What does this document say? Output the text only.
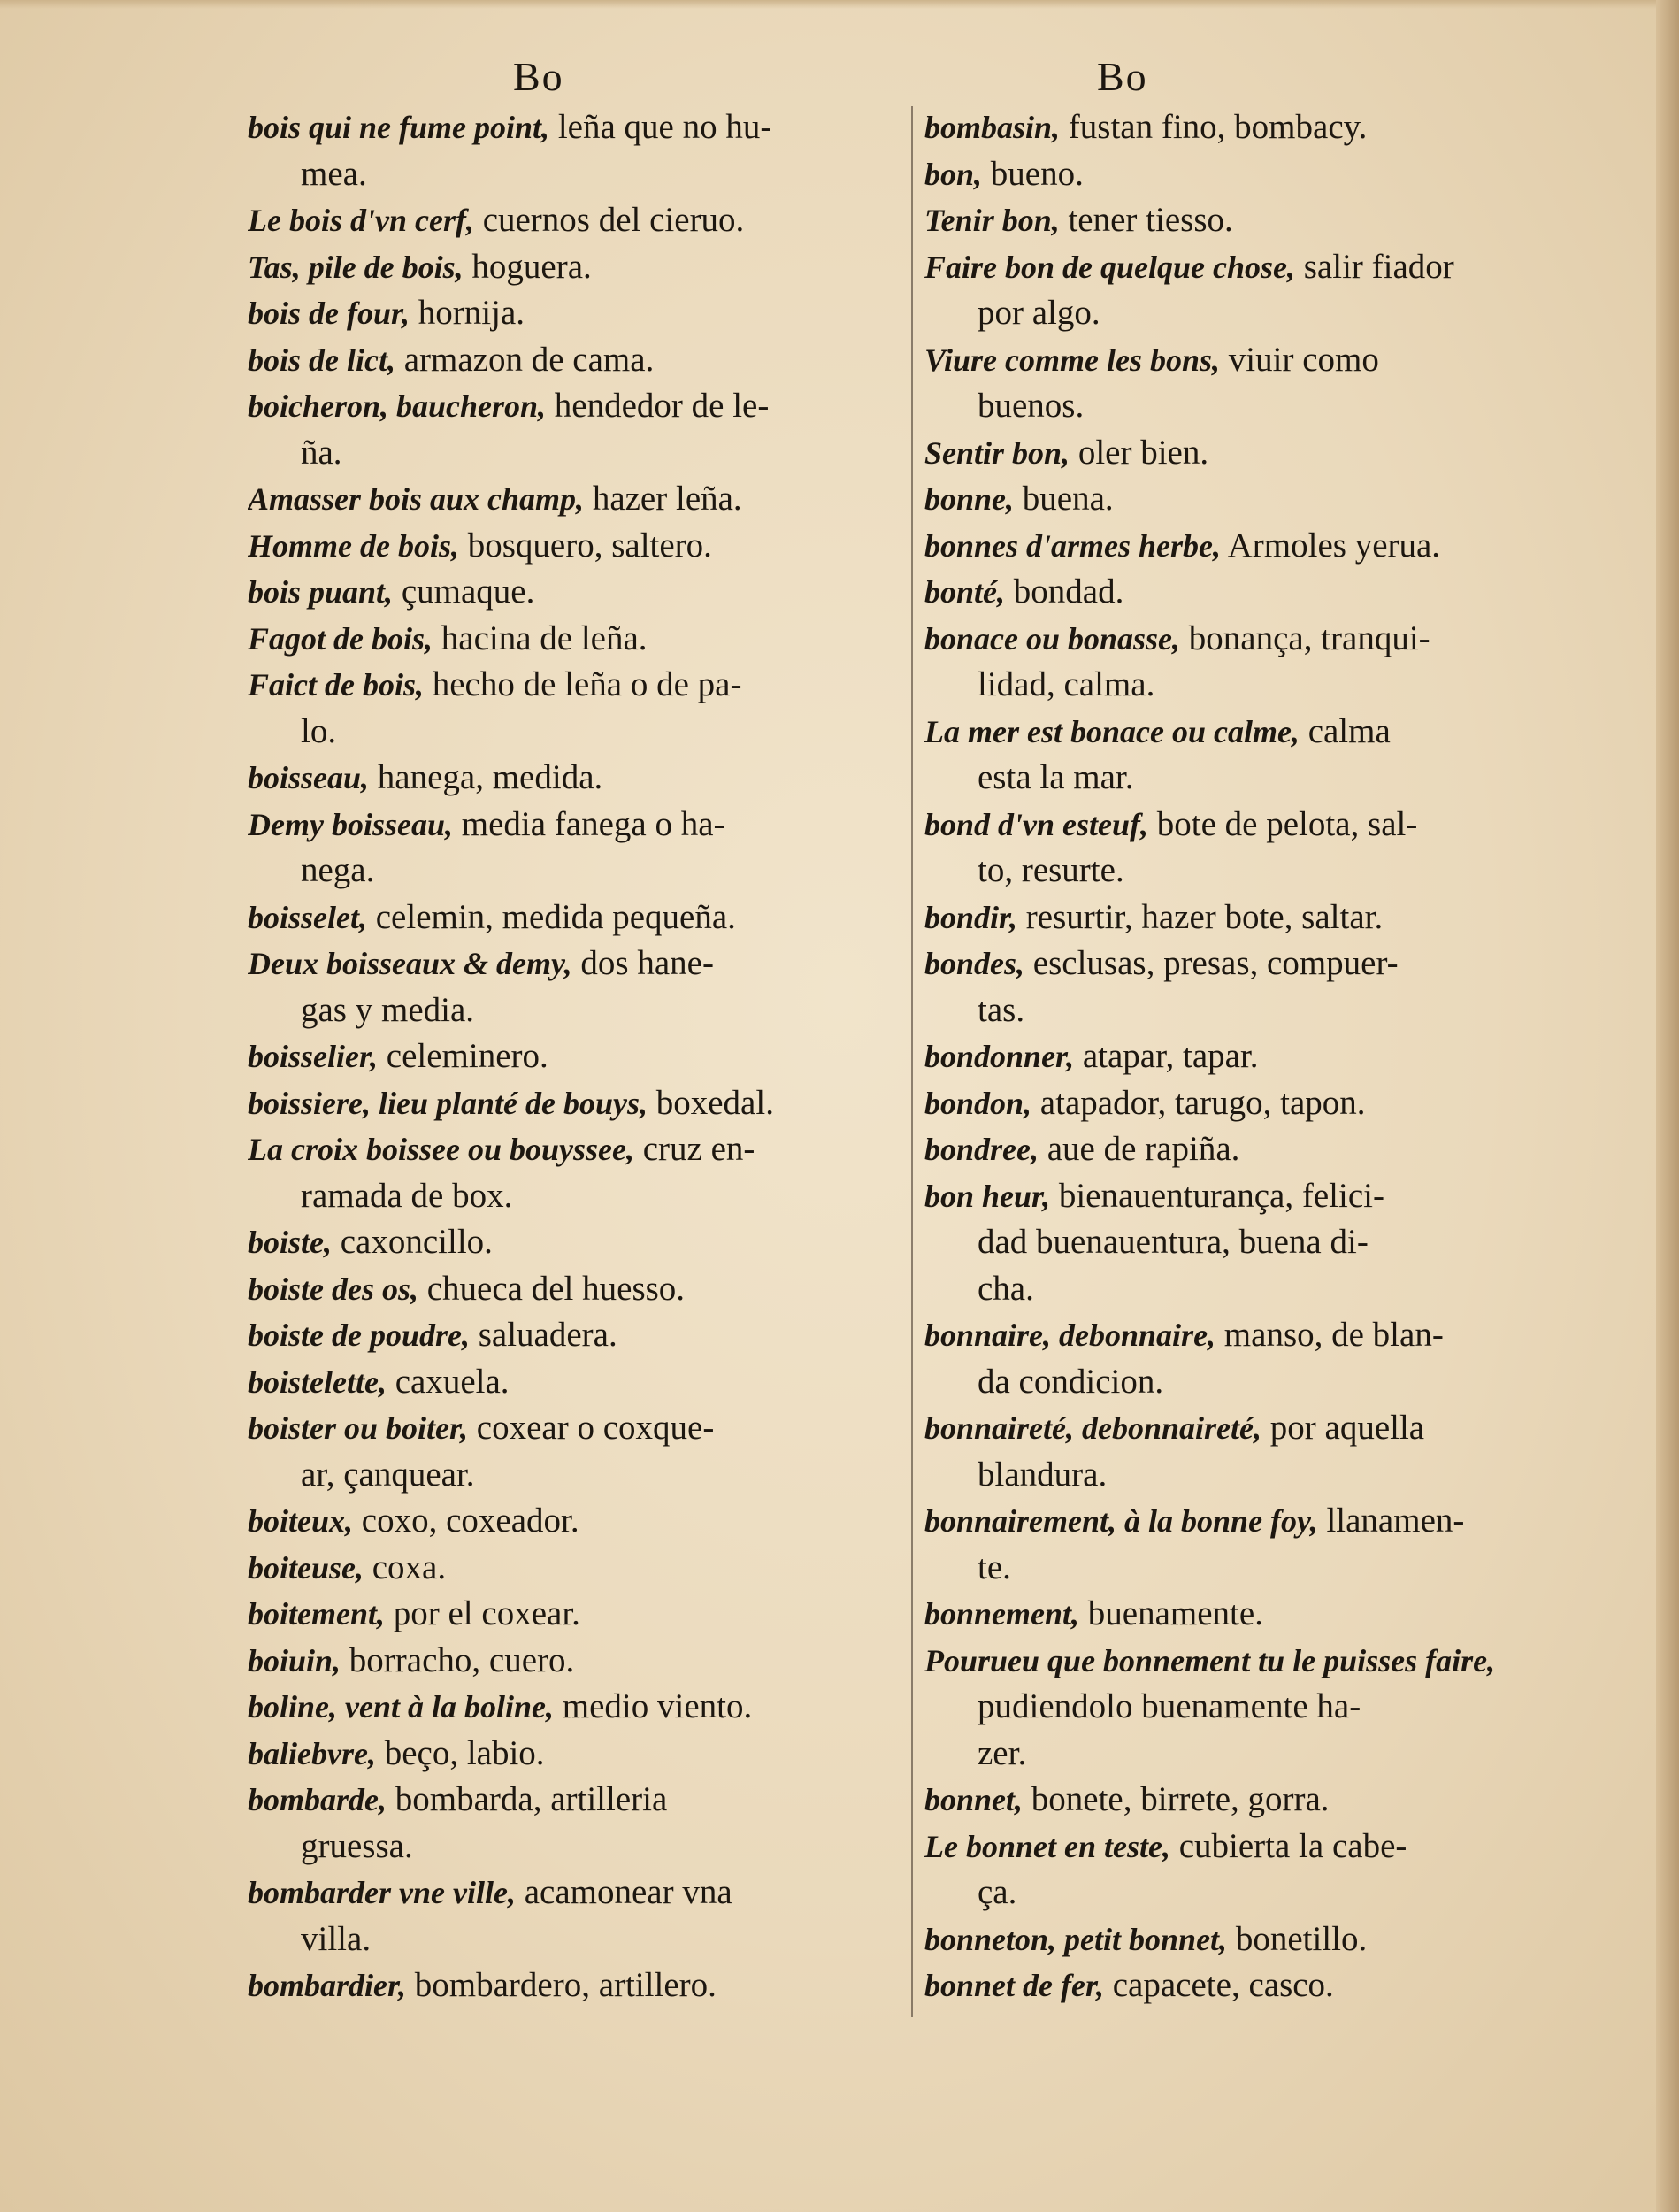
Bo	Bo
bois qui ne fume point, leña que no hu-
mea.
Le bois d'vn cerf, cuernos del cieruo.
Tas, pile de bois, hoguera.
bois de four, hornija.
bois de lict, armazon de cama.
boicheron, baucheron, hendedor de le-
ña.
Amasser bois aux champ, hazer leña.
Homme de bois, bosquero, saltero.
bois puant, çumaque.
Fagot de bois, hacina de leña.
Faict de bois, hecho de leña o de pa-
lo.
boisseau, hanega, medida.
Demy boisseau, media fanega o ha-
nega.
boisselet, celemin, medida pequeña.
Deux boisseaux & demy, dos hane-
gas y media.
boisselier, celeminero.
boissiere, lieu planté de bouys, boxedal.
La croix boissee ou bouyssee, cruz en-
ramada de box.
boiste, caxoncillo.
boiste des os, chueca del huesso.
boiste de poudre, saluadera.
boistelette, caxuela.
boister ou boiter, coxear o coxque-
ar, çanquear.
boiteux, coxo, coxeador.
boiteuse, coxa.
boitement, por el coxear.
boiuin, borracho, cuero.
boline, vent à la boline, medio viento.
baliebvre, beço, labio.
bombarde, bombarda, artilleria
gruessa.
bombarder vne ville, acamonear vna
villa.
bombardier, bombardero, artillero.
bombasin, fustan fino, bombacy.
bon, bueno.
Tenir bon, tener tiesso.
Faire bon de quelque chose, salir fiador
por algo.
Viure comme les bons, viuir como
buenos.
Sentir bon, oler bien.
bonne, buena.
bonnes d'armes herbe, Armoles yerua.
bonté, bondad.
bonace ou bonasse, bonança, tranqui-
lidad, calma.
La mer est bonace ou calme, calma
esta la mar.
bond d'vn esteuf, bote de pelota, sal-
to, resurte.
bondir, resurtir, hazer bote, saltar.
bondes, esclusas, presas, compuer-
tas.
bondonner, atapar, tapar.
bondon, atapador, tarugo, tapon.
bondree, aue de rapiña.
bon heur, bienauenturança, felici-
dad buenauentura, buena di-
cha.
bonnaire, debonnaire, manso, de blan-
da condicion.
bonnaireté, debonnaireté, por aquella
blandura.
bonnairement, à la bonne foy, llanamen-
te.
bonnement, buenamente.
Pourueu que bonnement tu le puisses faire,
pudiendolo buenamente ha-
zer.
bonnet, bonete, birrete, gorra.
Le bonnet en teste, cubierta la cabe-
ça.
bonneton, petit bonnet, bonetillo.
bonnet de fer, capacete, casco.
